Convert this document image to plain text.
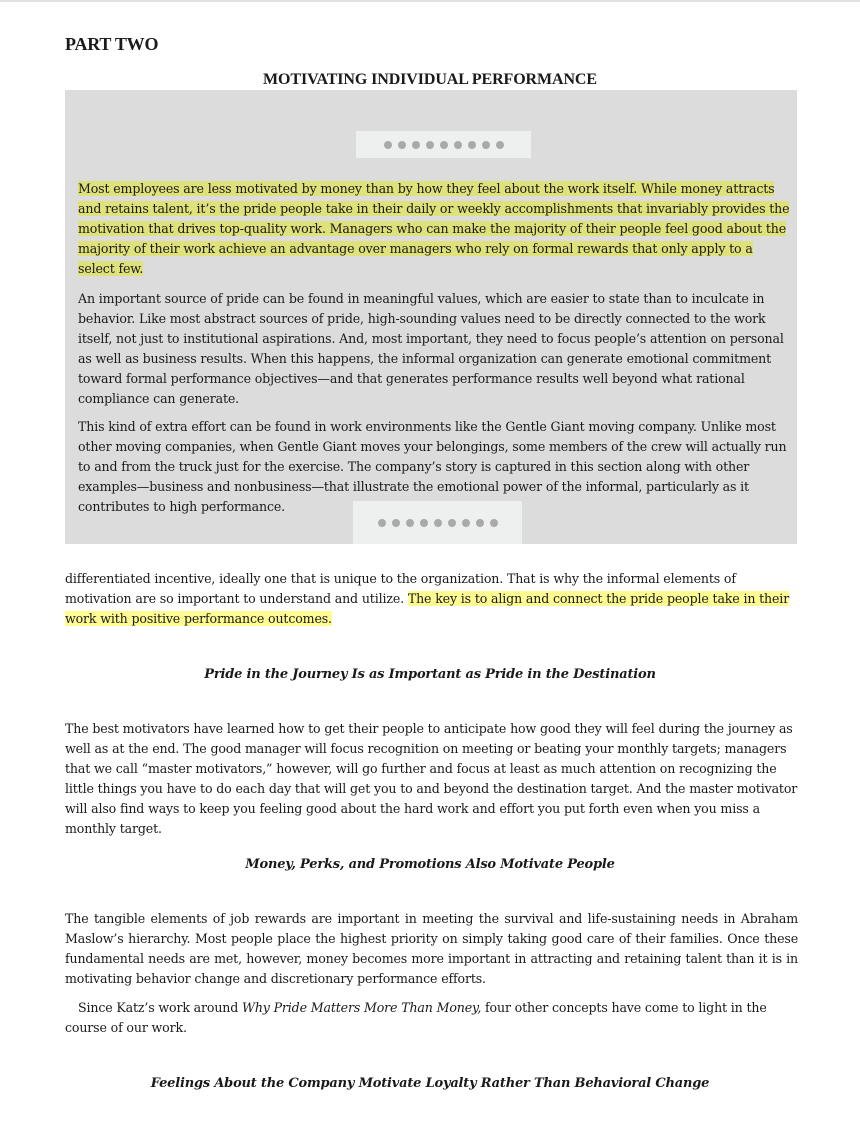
PART TWO
MOTIVATING INDIVIDUAL PERFORMANCE

Most employees are less motivated by money than by how they feel about the work itself. While money attracts and retains talent, it’s the pride people take in their daily or weekly accomplishments that invariably provides the motivation that drives top-quality work. Managers who can make the majority of their people feel good about the majority of their work achieve an advantage over managers who rely on formal rewards that only apply to a select few.

An important source of pride can be found in meaningful values, which are easier to state than to inculcate in behavior. Like most abstract sources of pride, high-sounding values need to be directly connected to the work itself, not just to institutional aspirations. And, most important, they need to focus people’s attention on personal as well as business results. When this happens, the informal organization can generate emotional commitment toward formal performance objectives—and that generates performance results well beyond what rational compliance can generate.

This kind of extra effort can be found in work environments like the Gentle Giant moving company. Unlike most other moving companies, when Gentle Giant moves your belongings, some members of the crew will actually run to and from the truck just for the exercise. The company’s story is captured in this section along with other examples—business and nonbusiness—that illustrate the emotional power of the informal, particularly as it contributes to high performance.

differentiated incentive, ideally one that is unique to the organization. That is why the informal elements of motivation are so important to understand and utilize. The key is to align and connect the pride people take in their work with positive performance outcomes.

Pride in the Journey Is as Important as Pride in the Destination

The best motivators have learned how to get their people to anticipate how good they will feel during the journey as well as at the end. The good manager will focus recognition on meeting or beating your monthly targets; managers that we call “master motivators,” however, will go further and focus at least as much attention on recognizing the little things you have to do each day that will get you to and beyond the destination target. And the master motivator will also find ways to keep you feeling good about the hard work and effort you put forth even when you miss a monthly target.

Money, Perks, and Promotions Also Motivate People

The tangible elements of job rewards are important in meeting the survival and life-sustaining needs in Abraham Maslow’s hierarchy. Most people place the highest priority on simply taking good care of their families. Once these fundamental needs are met, however, money becomes more important in attracting and retaining talent than it is in motivating behavior change and discretionary performance efforts.

Since Katz’s work around Why Pride Matters More Than Money, four other concepts have come to light in the course of our work.

Feelings About the Company Motivate Loyalty Rather Than Behavioral Change
